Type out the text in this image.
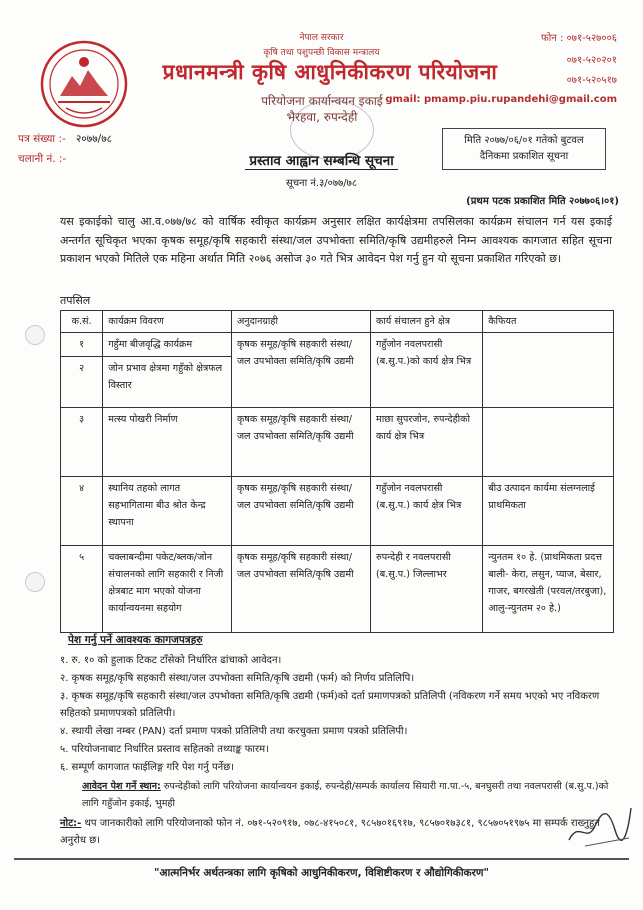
नेपाल सरकार
कृषि तथा पशुपन्छी विकास मन्त्रालय
प्रधानमन्त्री कृषि आधुनिकीकरण परियोजना
परियोजना कार्यान्वयन इकाई
भैरहवा, रुपन्देही
फोन : ०७१-५२७००६
०७१-५२०२०१
०७१-५२०५१७
gmail: pmamp.piu.rupandehi@gmail.com
पत्र संख्या :- २०७७/७८
चलानी नं. :-
मिति २०७७/०६/०१ गतेको बुटवल
दैनिकमा प्रकाशित सूचना
प्रस्ताव आह्वान सम्बन्धि सूचना
सूचना नं.३/०७७/७८
(प्रथम पटक प्रकाशित मिति २०७७०६।०१)
यस इकाईको चालु आ.व.०७७/७८ को वार्षिक स्वीकृत कार्यक्रम अनुसार लक्षित कार्यक्षेत्रमा तपसिलका कार्यक्रम संचालन गर्न यस इकाई अन्तर्गत सूचिकृत भएका कृषक समूह/कृषि सहकारी संस्था/जल उपभोक्ता समिति/कृषि उद्यमीहरुले निम्न आवश्यक कागजात सहित सूचना प्रकाशन भएको मितिले एक महिना अर्थात मिति २०७६ असोज ३० गते भित्र आवेदन पेश गर्नु हुन यो सूचना प्रकाशित गरिएको छ।
तपसिल
क.सं.	कार्यक्रम विवरण	अनुदानग्राही	कार्य संचालन हुने क्षेत्र	कैफियत
१	गहुँमा बीजवृद्धि कार्यक्रम	कृषक समूह/कृषि सहकारी संस्था/जल उपभोक्ता समिति/कृषि उद्यमी	गहुँजोन नवलपरासी (ब.सु.प.)को कार्य क्षेत्र भित्र	
२	जोन प्रभाव क्षेत्रमा गहुँको क्षेत्रफल विस्तार			
३	मत्स्य पोखरी निर्माण	कृषक समूह/कृषि सहकारी संस्था/जल उपभोक्ता समिति/कृषि उद्यमी	माछा सुपरजोन, रुपन्देहीको कार्य क्षेत्र भित्र	
४	स्थानिय तहको लागत सहभागितामा बीउ श्रोत केन्द्र स्थापना	कृषक समूह/कृषि सहकारी संस्था/जल उपभोक्ता समिति/कृषि उद्यमी	गहुँजोन नवलपरासी (ब.सु.प.) कार्य क्षेत्र भित्र	बीउ उत्पादन कार्यमा संलग्नलाई प्राथमिकता
५	चक्लाबन्दीमा पकेट/ब्लक/जोन संचालनको लागि सहकारी र निजी क्षेत्रबाट माग भएको योजना कार्यान्वयनमा सहयोग	कृषक समूह/कृषि सहकारी संस्था/जल उपभोक्ता समिति/कृषि उद्यमी	रुपन्देही र नवलपरासी (ब.सु.प.) जिल्लाभर	न्युनतम १० हे. (प्राथमिकता प्रदत्त बाली- केरा, लसुन, प्याज, बेसार, गाजर, बगरखेती (परवल/तरबुजा), आलु-न्युनतम २० हे.)
पेश गर्नु पर्ने आवश्यक कागजपत्रहरु
१. रु. १० को हुलाक टिकट टाँसेको निर्धारित ढांचाको आवेदन।
२. कृषक समूह/कृषि सहकारी संस्था/जल उपभोक्ता समिति/कृषि उद्यमी (फर्म) को निर्णय प्रतिलिपि।
३. कृषक समूह/कृषि सहकारी संस्था/जल उपभोक्ता समिति/कृषि उद्यमी (फर्म)को दर्ता प्रमाणपत्रको प्रतिलिपी (नविकरण गर्ने समय भएको भए नविकरण सहितको प्रमाणपत्रको प्रतिलिपी।
४. स्थायी लेखा नम्बर (PAN) दर्ता प्रमाण पत्रको प्रतिलिपी तथा करचुक्ता प्रमाण पत्रको प्रतिलिपी।
५. परियोजनाबाट निर्धारित प्रस्ताव सहितको तथ्याङ्क फारम।
६. सम्पूर्ण कागजात फाईलिङ्ग गरि पेश गर्नु पर्नेछ।
आवेदन पेश गर्ने स्थान: रुपन्देहीको लागि परियोजना कार्यान्वयन इकाई, रुपन्देही/सम्पर्क कार्यालय सियारी गा.पा.-५, बनघुसरी तथा नवलपरासी (ब.सु.प.)को लागि गहुँजोन इकाई, भुमही
नोट:- थप जानकारीको लागि परियोजनाको फोन नं. ०७१-५२०९१७, ०७८-४१५०८१, ९८५७०१६९१७, ९८५७०१७३८१, ९८५७०५१९७५ मा सम्पर्क राख्नुहुन अनुरोध छ।
"आत्मनिर्भर अर्थतन्त्रका लागि कृषिको आधुनिकीकरण, विशिष्टीकरण र औद्योगिकीकरण"
